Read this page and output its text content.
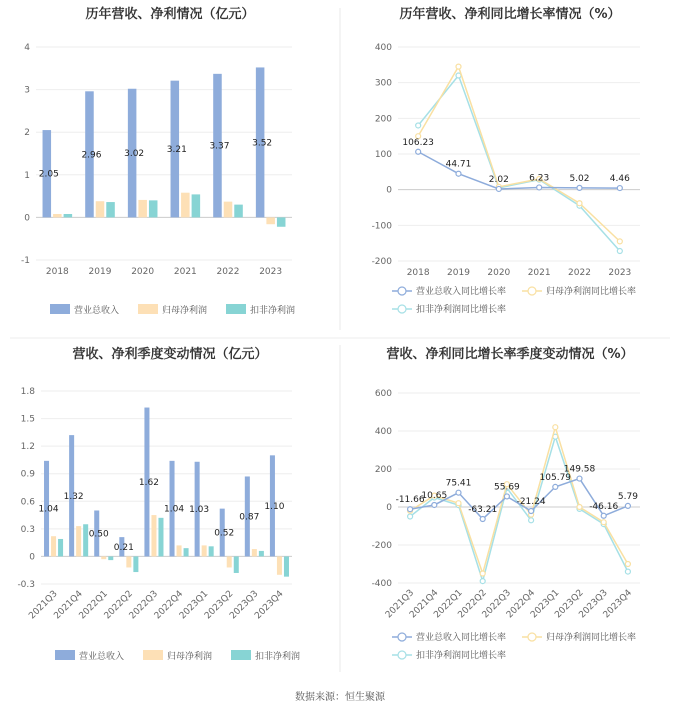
数据来源：恒生聚源
历年营收、净利情况（亿元）
-1
0
1
2
3
4
2018 2019 2020 2021 2022 2023
2.05
2.96	3.02	3.21	3.37	3.52
营业总收入	归母净利润	扣非净利润
历年营收、净利同比增长率情况（%）
-200
-100
0
100
200
300
400
2018 2019 2020 2021 2022 2023
106.23
44.71
2.02 6.23 5.02 4.46
营业总收入同比增长率	归母净利润同比增长率
扣非净利润同比增长率
营收、净利季度变动情况（亿元）
-0.3
0
0.3
0.6
0.9
1.2
1.5
1.8
2021Q3
2021Q4
2022Q1
2022Q2
2022Q3
2022Q4
2023Q1
2023Q2
2023Q3
2023Q4
1.04
1.32
0.50
0.21
1.62
1.04 1.03
0.52
0.87
1.10
营业总收入	归母净利润	扣非净利润
营收、净利同比增长率季度变动情况（%）
-400
-200
0
200
400
600
2021Q3
2021Q4
2022Q1
2022Q2
2022Q3
2022Q4
2023Q1
2023Q2
2023Q3
2023Q4
-11.66
10.65
75.41
-63.21
55.69
-21.24
105.79
149.58
-46.16
5.79
营业总收入同比增长率	归母净利润同比增长率
扣非净利润同比增长率
